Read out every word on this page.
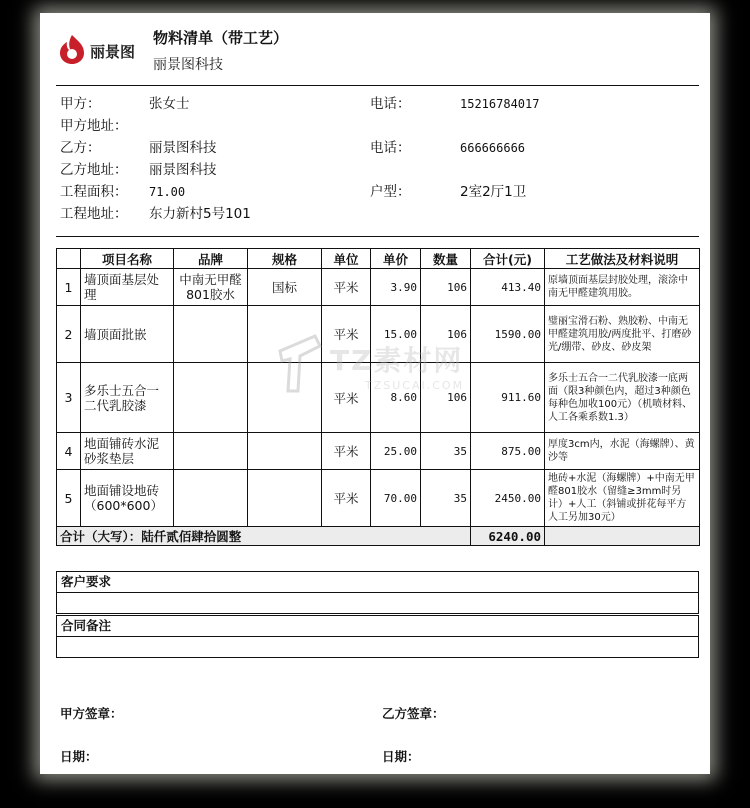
丽景图
物料清单（带工艺）
丽景图科技
甲方：	张女士	电话：	15216784017
甲方地址：
乙方：	丽景图科技	电话：	666666666
乙方地址： 丽景图科技
工程面积： 71.00	户型：	2室2厅1卫
工程地址： 东力新村5号101
	项目名称	品牌	规格	单位	单价	数量	合计(元)	工艺做法及材料说明
1	墙顶面基层处理	中南无甲醛801胶水	国标	平米	3.90	106	413.40	原墙顶面基层封胶处理，滚涂中南无甲醛建筑用胶。
2	墙顶面批嵌			平米	15.00	106	1590.00	璧丽宝滑石粉、熟胶粉、中南无甲醛建筑用胶/两度批平、打磨砂光/绷带、砂皮、砂皮架
3	多乐士五合一二代乳胶漆			平米	8.60	106	911.60	多乐士五合一二代乳胶漆一底两面（限3种颜色内，超过3种颜色每种色加收100元）（机喷材料、人工各乘系数1.3）
4	地面铺砖水泥砂浆垫层			平米	25.00	35	875.00	厚度3cm内，水泥（海螺牌）、黄沙等
5	地面铺设地砖（600*600）			平米	70.00	35	2450.00	地砖+水泥（海螺牌）+中南无甲醛801胶水（留缝≥3mm时另计）+人工（斜铺或拼花每平方人工另加30元）
合计（大写）：陆仟贰佰肆拾圆整							6240.00	
TZ素材网
TZSUCAI.COM
客户要求
合同备注
甲方签章：	乙方签章：
日期：	日期：
